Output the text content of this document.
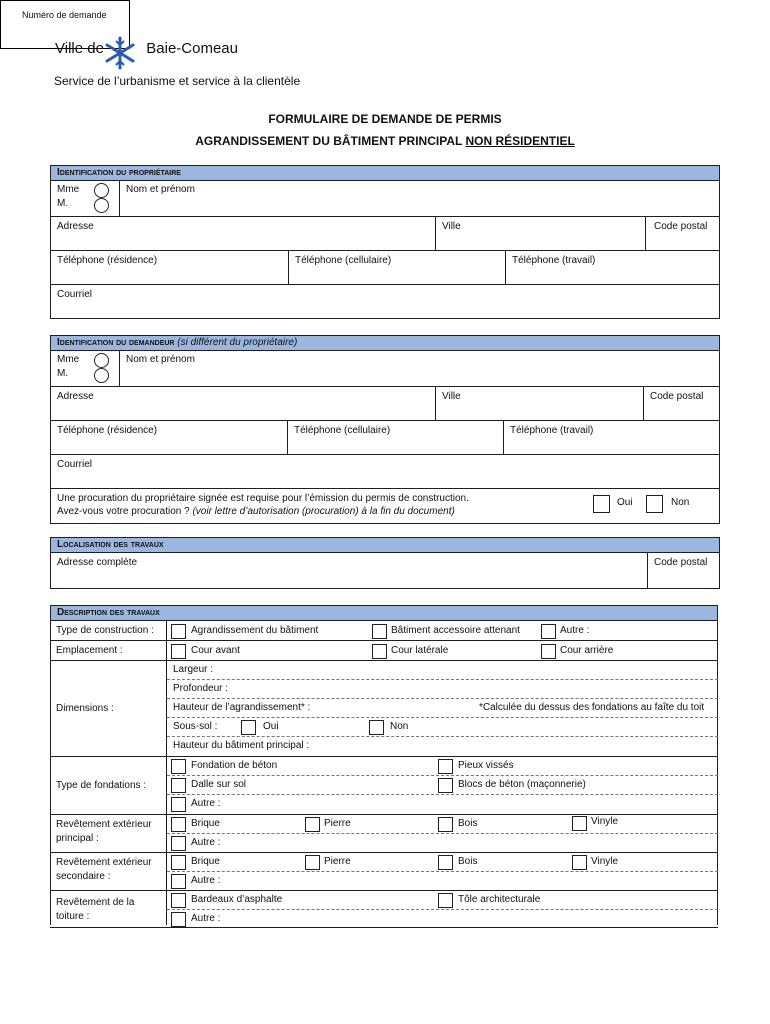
Ville de	Baie-Comeau
Service de l’urbanisme et service à la clientèle
Numéro de demande
FORMULAIRE DE DEMANDE DE PERMIS
AGRANDISSEMENT DU BÂTIMENT PRINCIPAL NON RÉSIDENTIEL
Identification du propriétaire
Mme
M.
Nom et prénom
Adresse	Ville	Code postal
Téléphone (résidence)	Téléphone (cellulaire)	Téléphone (travail)
Courriel
Identification du demandeur (si différent du propriétaire)
Mme
M.
Nom et prénom
Adresse	Ville	Code postal
Téléphone (résidence)	Téléphone (cellulaire)	Téléphone (travail)
Courriel
Une procuration du propriétaire signée est requise pour l’émission du permis de construction.
Avez-vous votre procuration ? (voir lettre d’autorisation (procuration) à la fin du document)
Oui	Non
Localisation des travaux
Adresse complète	Code postal
Description des travaux
Type de construction :	Agrandissement du bâtiment	Bâtiment accessoire attenant	Autre :
Emplacement :	Cour avant	Cour latérale	Cour arrière
Dimensions :
Largeur :
Profondeur :
Hauteur de l’agrandissement* :	*Calculée du dessus des fondations au faîte du toit
Sous-sol :	Oui	Non
Hauteur du bâtiment principal :
Type de fondations :
Fondation de béton	Pieux vissés
Dalle sur sol	Blocs de béton (maçonnerie)
Autre :
Revêtement extérieur
principal :
Brique	Pierre	Bois	Vinyle
Autre :
Revêtement extérieur
secondaire :
Brique	Pierre	Bois	Vinyle
Autre :
Revêtement de la
toiture :
Bardeaux d’asphalte	Tôle architecturale
Autre :
